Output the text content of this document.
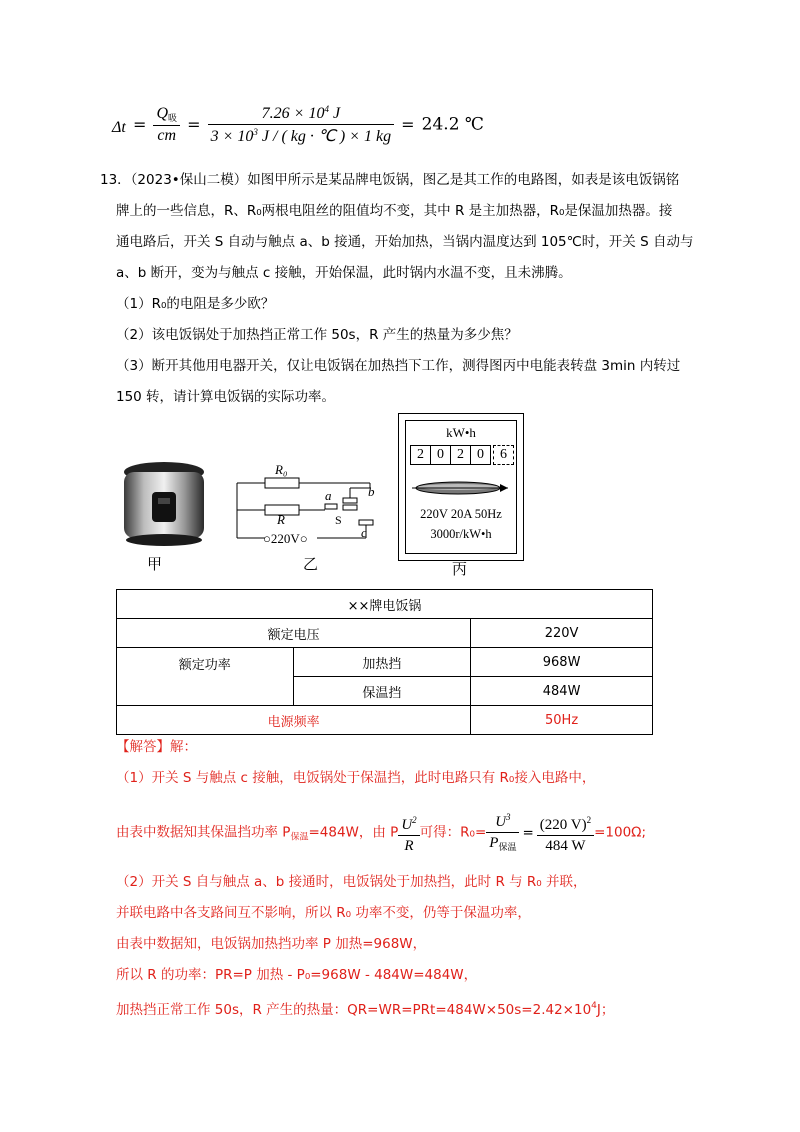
$\Delta t = \frac{Q_吸}{cm} = \frac{7.26 \times 10^4 J}{3 \times 10^3 J / ( kg \cdot ℃ ) \times 1 kg} = 24.2$ ℃
13．（2023•保山二模）如图甲所示是某品牌电饭锅，图乙是其工作的电路图，如表是该电饭锅铭
牌上的一些信息，R、R₀两根电阻丝的阻值均不变，其中 R 是主加热器，R₀是保温加热器。接
通电路后，开关 S 自动与触点 a、b 接通，开始加热，当锅内温度达到 105℃时，开关 S 自动与
a、b 断开，变为与触点 c 接触，开始保温，此时锅内水温不变，且未沸腾。
（1）R₀的电阻是多少欧？
（2）该电饭锅处于加热挡正常工作 50s，R 产生的热量为多少焦？
（3）断开其他用电器开关，仅让电饭锅在加热挡下工作，测得图丙中电能表转盘 3min 内转过
150 转，请计算电饭锅的实际功率。
甲
R₀
R
a	b
c
S
○220V○
乙
kW•h
2 0 2 0	6
220V 20A 50Hz
3000r/kW•h
丙
××牌电饭锅		
额定电压		220V
额定功率	加热挡	968W
	保温挡	484W
电源频率		50Hz
【解答】解：
（1）开关 S 与触点 c 接触，电饭锅处于保温挡，此时电路只有 R₀接入电路中，
由表中数据知其保温挡功率 $P_{保温}=484W$，由 P $\frac{U^2}{R}$ 可得：$R_0= \frac{U^3}{P_{保温}} = \frac{(220 V)^2}{484 W} =100\Omega$;
（2）开关 S 自与触点 a、b 接通时，电饭锅处于加热挡，此时 R 与 R₀ 并联，
并联电路中各支路间互不影响，所以 R₀ 功率不变，仍等于保温功率，
由表中数据知，电饭锅加热挡功率 P 加热=968W，
所以 R 的功率：PR=P 加热 - P₀=968W - 484W=484W，
加热挡正常工作 50s，R 产生的热量：$QR=WR=PRt=484W\times 50s=2.42\times 10^4J$；
